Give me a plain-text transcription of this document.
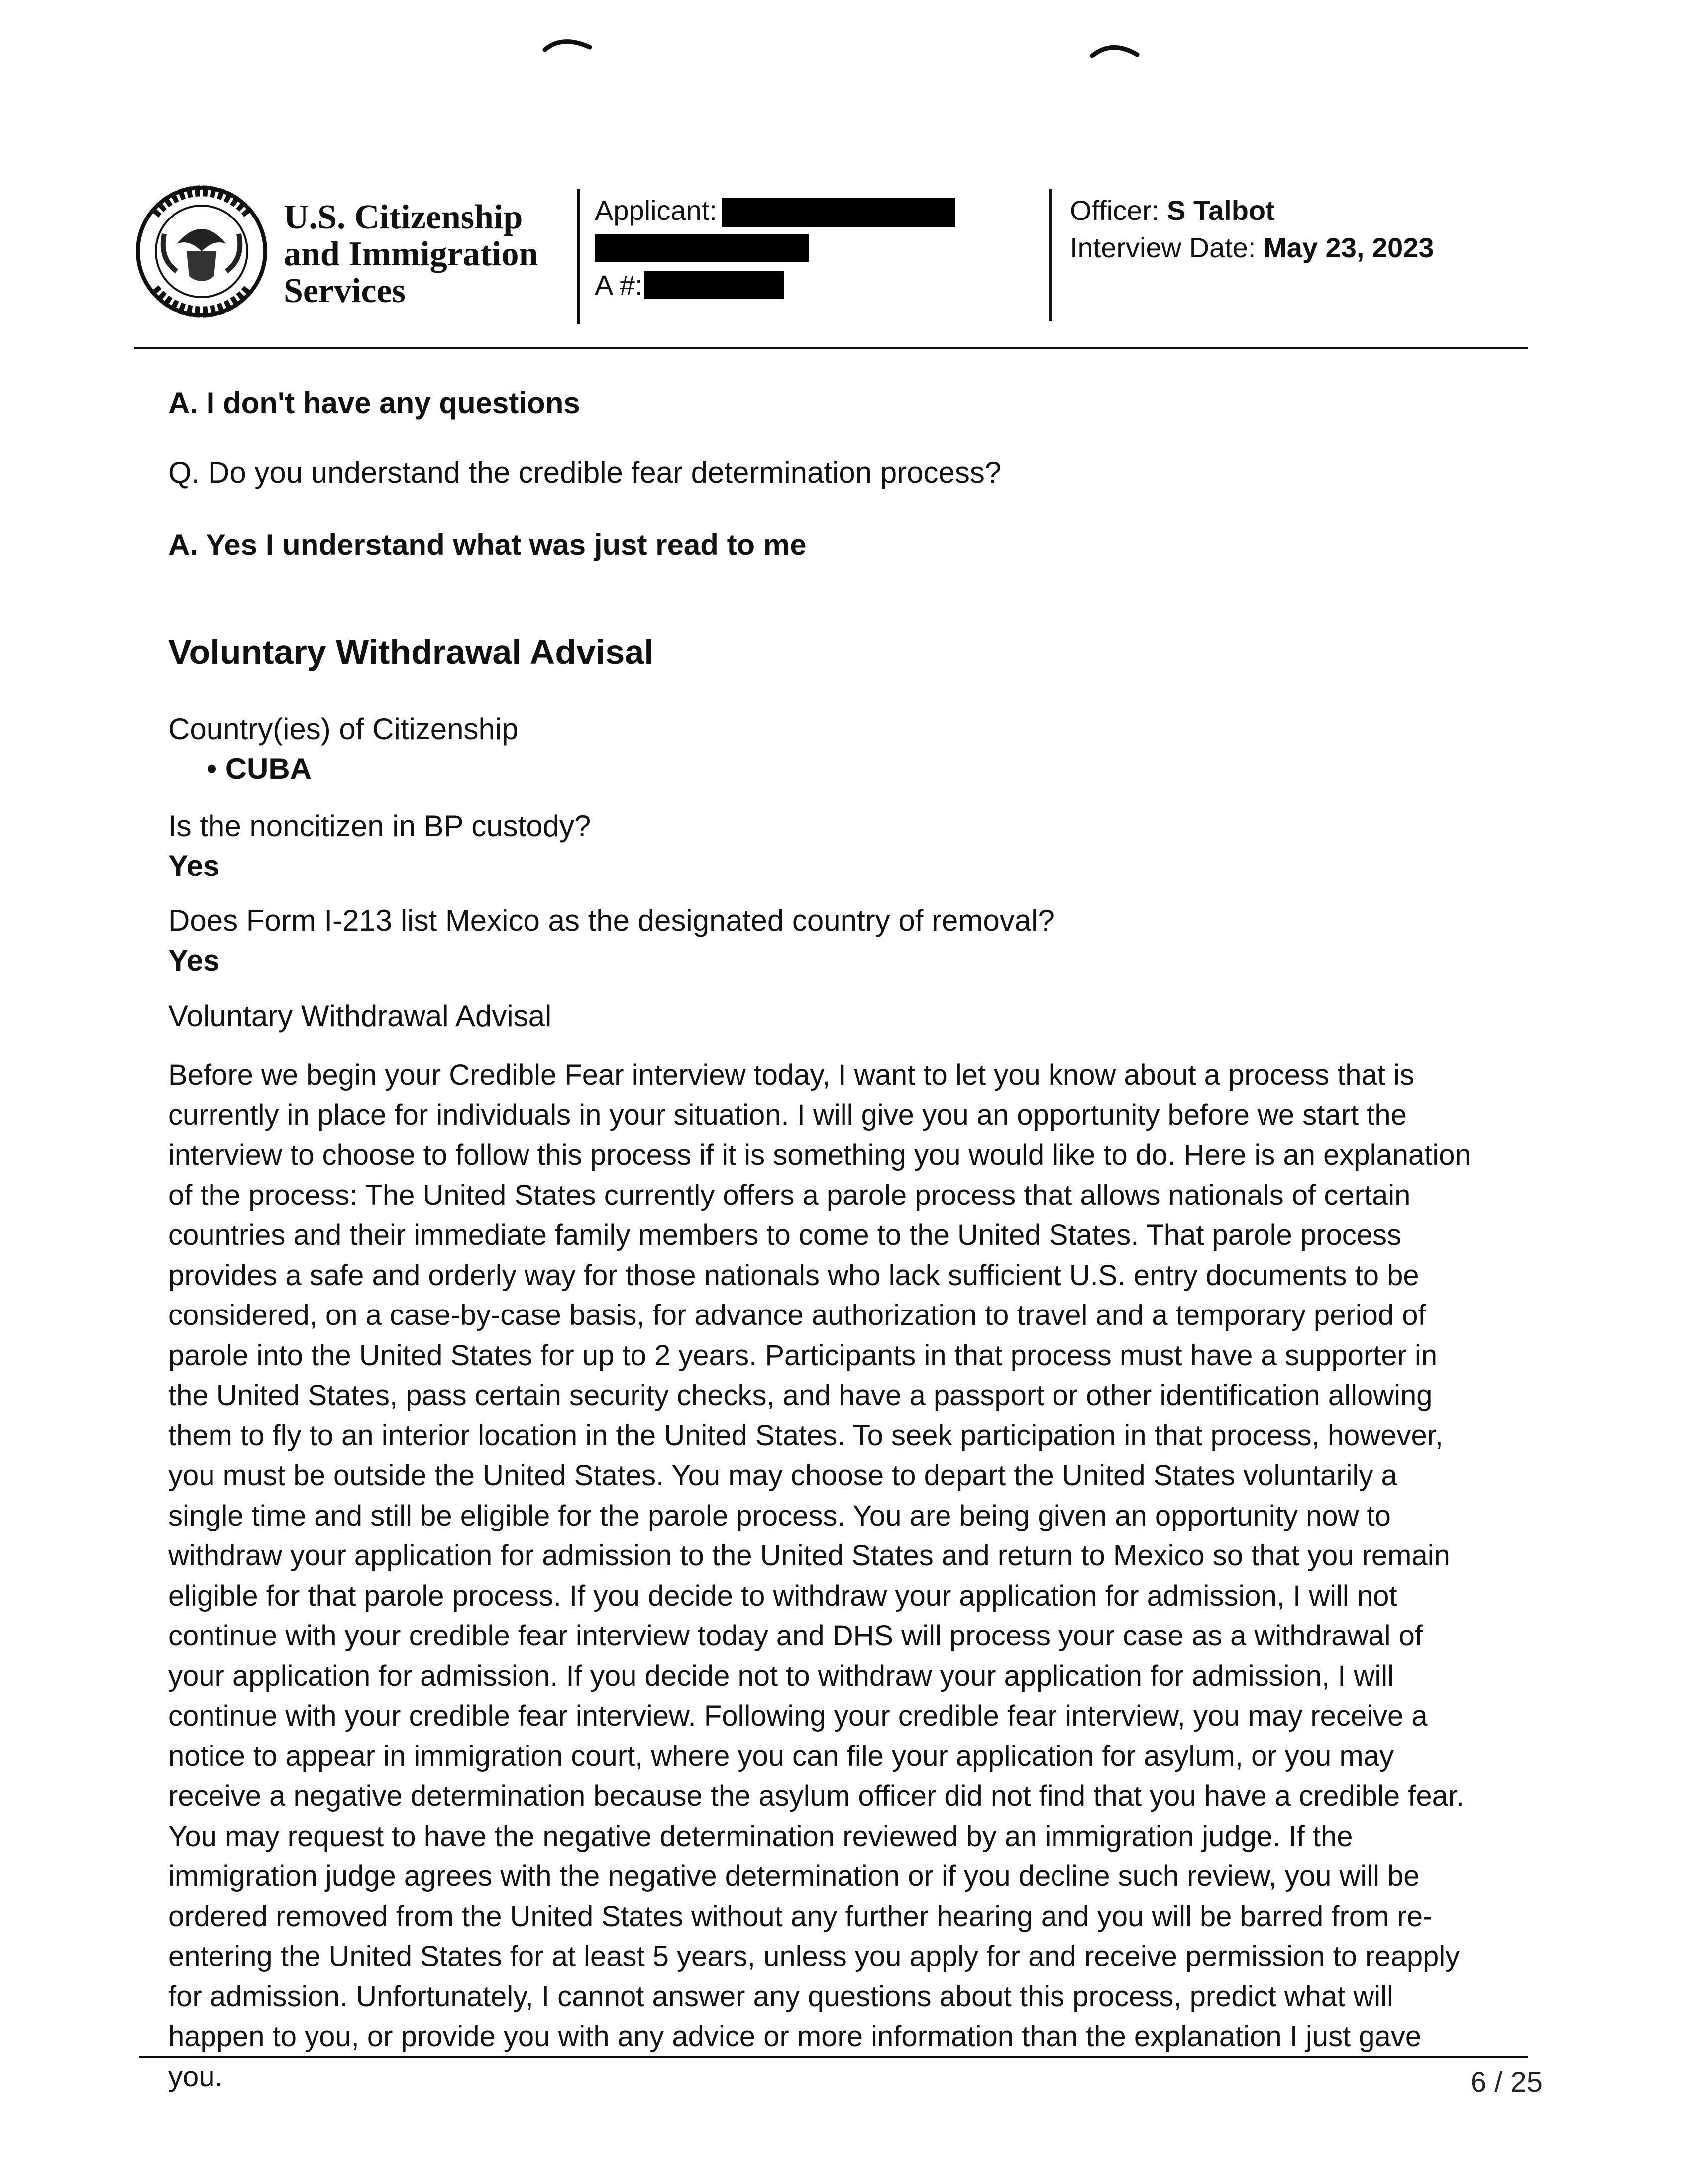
U.S. Citizenship
and Immigration
Services
Applicant:
A #:
Officer: S Talbot
Interview Date: May 23, 2023
A. I don't have any questions
Q. Do you understand the credible fear determination process?
A. Yes I understand what was just read to me
Voluntary Withdrawal Advisal
Country(ies) of Citizenship
• CUBA
Is the noncitizen in BP custody?
Yes
Does Form I-213 list Mexico as the designated country of removal?
Yes
Voluntary Withdrawal Advisal
Before we begin your Credible Fear interview today, I want to let you know about a process that is currently in place for individuals in your situation. I will give you an opportunity before we start the interview to choose to follow this process if it is something you would like to do. Here is an explanation of the process: The United States currently offers a parole process that allows nationals of certain countries and their immediate family members to come to the United States. That parole process provides a safe and orderly way for those nationals who lack sufficient U.S. entry documents to be considered, on a case-by-case basis, for advance authorization to travel and a temporary period of parole into the United States for up to 2 years. Participants in that process must have a supporter in the United States, pass certain security checks, and have a passport or other identification allowing them to fly to an interior location in the United States. To seek participation in that process, however, you must be outside the United States. You may choose to depart the United States voluntarily a single time and still be eligible for the parole process. You are being given an opportunity now to withdraw your application for admission to the United States and return to Mexico so that you remain eligible for that parole process. If you decide to withdraw your application for admission, I will not continue with your credible fear interview today and DHS will process your case as a withdrawal of your application for admission. If you decide not to withdraw your application for admission, I will continue with your credible fear interview. Following your credible fear interview, you may receive a notice to appear in immigration court, where you can file your application for asylum, or you may receive a negative determination because the asylum officer did not find that you have a credible fear. You may request to have the negative determination reviewed by an immigration judge. If the immigration judge agrees with the negative determination or if you decline such review, you will be ordered removed from the United States without any further hearing and you will be barred from re-entering the United States for at least 5 years, unless you apply for and receive permission to reapply for admission. Unfortunately, I cannot answer any questions about this process, predict what will happen to you, or provide you with any advice or more information than the explanation I just gave you.	6 / 25
